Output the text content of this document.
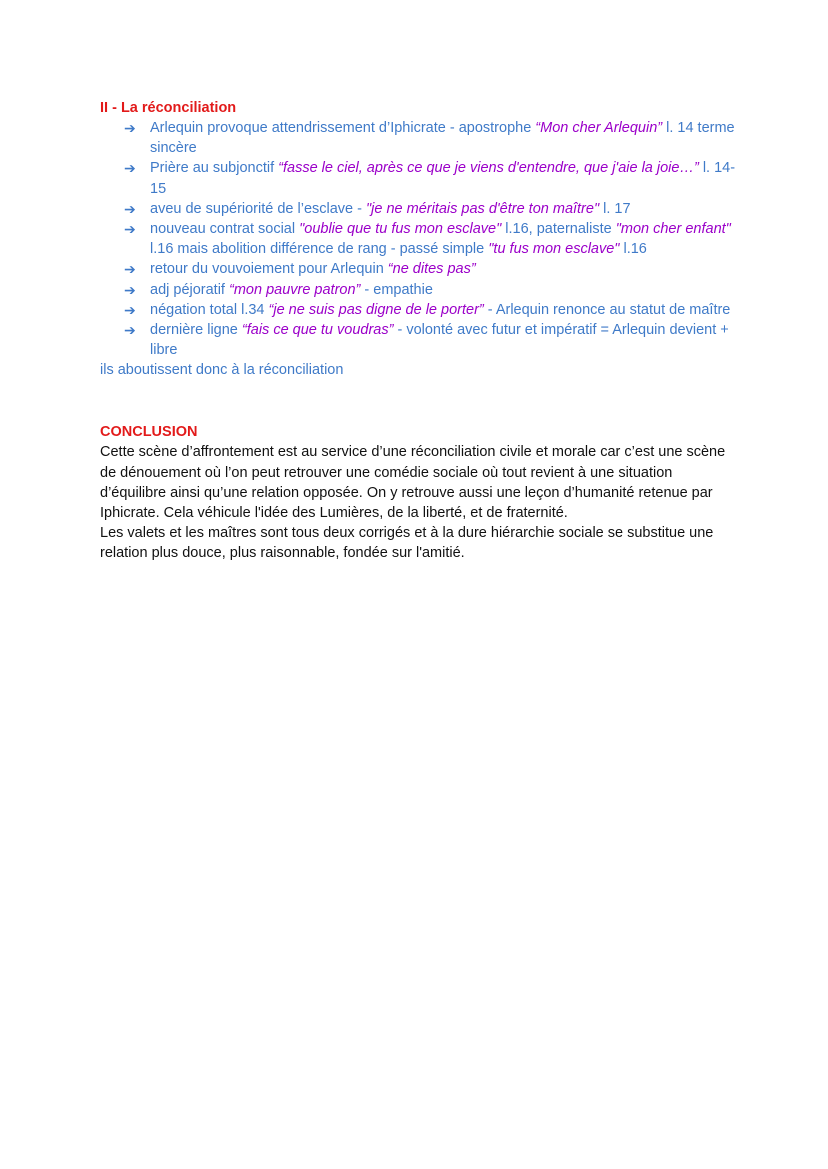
II - La réconciliation
➔ Arlequin provoque attendrissement d’Iphicrate - apostrophe “Mon cher Arlequin” l. 14 terme sincère
➔ Prière au subjonctif “fasse le ciel, après ce que je viens d'entendre, que j'aie la joie…” l. 14-15
➔ aveu de supériorité de l’esclave - "je ne méritais pas d'être ton maître" l. 17
➔ nouveau contrat social "oublie que tu fus mon esclave" l.16, paternaliste "mon cher enfant" l.16 mais abolition différence de rang - passé simple "tu fus mon esclave" l.16
➔ retour du vouvoiement pour Arlequin “ne dites pas”
➔ adj péjoratif “mon pauvre patron” - empathie
➔ négation total l.34 “je ne suis pas digne de le porter” - Arlequin renonce au statut de maître
➔ dernière ligne “fais ce que tu voudras” - volonté avec futur et impératif = Arlequin devient + libre

ils aboutissent donc à la réconciliation

CONCLUSION

Cette scène d’affrontement est au service d’une réconciliation civile et morale car c’est une scène de dénouement où l’on peut retrouver une comédie sociale où tout revient à une situation d’équilibre ainsi qu’une relation opposée. On y retrouve aussi une leçon d’humanité retenue par Iphicrate. Cela véhicule l'idée des Lumières, de la liberté, et de fraternité.

Les valets et les maîtres sont tous deux corrigés et à la dure hiérarchie sociale se substitue une relation plus douce, plus raisonnable, fondée sur l'amitié.
